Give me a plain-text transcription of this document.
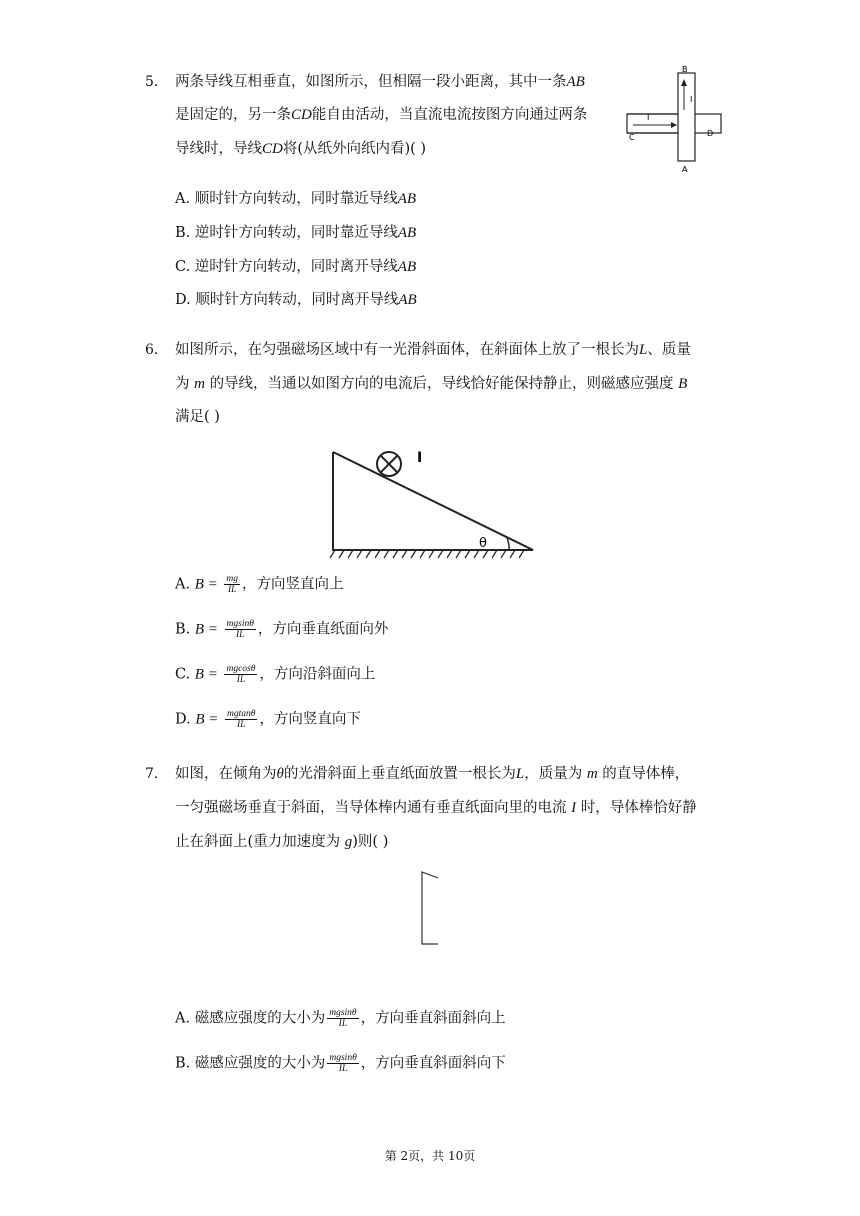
5. 两条导线互相垂直，如图所示，但相隔一段小距离，其中一条AB
是固定的，另一条CD能自由活动，当直流电流按图方向通过两条
导线时，导线CD将(从纸外向纸内看)( )
B
A
C	D
I
I
A. 顺时针方向转动，同时靠近导线AB
B. 逆时针方向转动，同时靠近导线AB
C. 逆时针方向转动，同时离开导线AB
D. 顺时针方向转动，同时离开导线AB
6. 如图所示，在匀强磁场区域中有一光滑斜面体，在斜面体上放了一根长为L、质量
为 m 的导线，当通以如图方向的电流后，导线恰好能保持静止，则磁感应强度 B
满足( )
I
θ
A. $B = \frac{mg}{IL}$ ，方向竖直向上
B. $B = \frac{mgsin\theta}{IL}$ ，方向垂直纸面向外
C. $B = \frac{mgcos\theta}{IL}$ ，方向沿斜面向上
D. $B = \frac{mgtan\theta}{IL}$ ，方向竖直向下
7. 如图，在倾角为θ的光滑斜面上垂直纸面放置一根长为L，质量为 m 的直导体棒，
一匀强磁场垂直于斜面，当导体棒内通有垂直纸面向里的电流 I 时，导体棒恰好静
止在斜面上(重力加速度为 g)则( )
A. 磁感应强度的大小为 $\frac{mgsin\theta}{IL}$ ，方向垂直斜面斜向上
B. 磁感应强度的大小为 $\frac{mgsin\theta}{IL}$ ，方向垂直斜面斜向下
第 2页，共 10页
